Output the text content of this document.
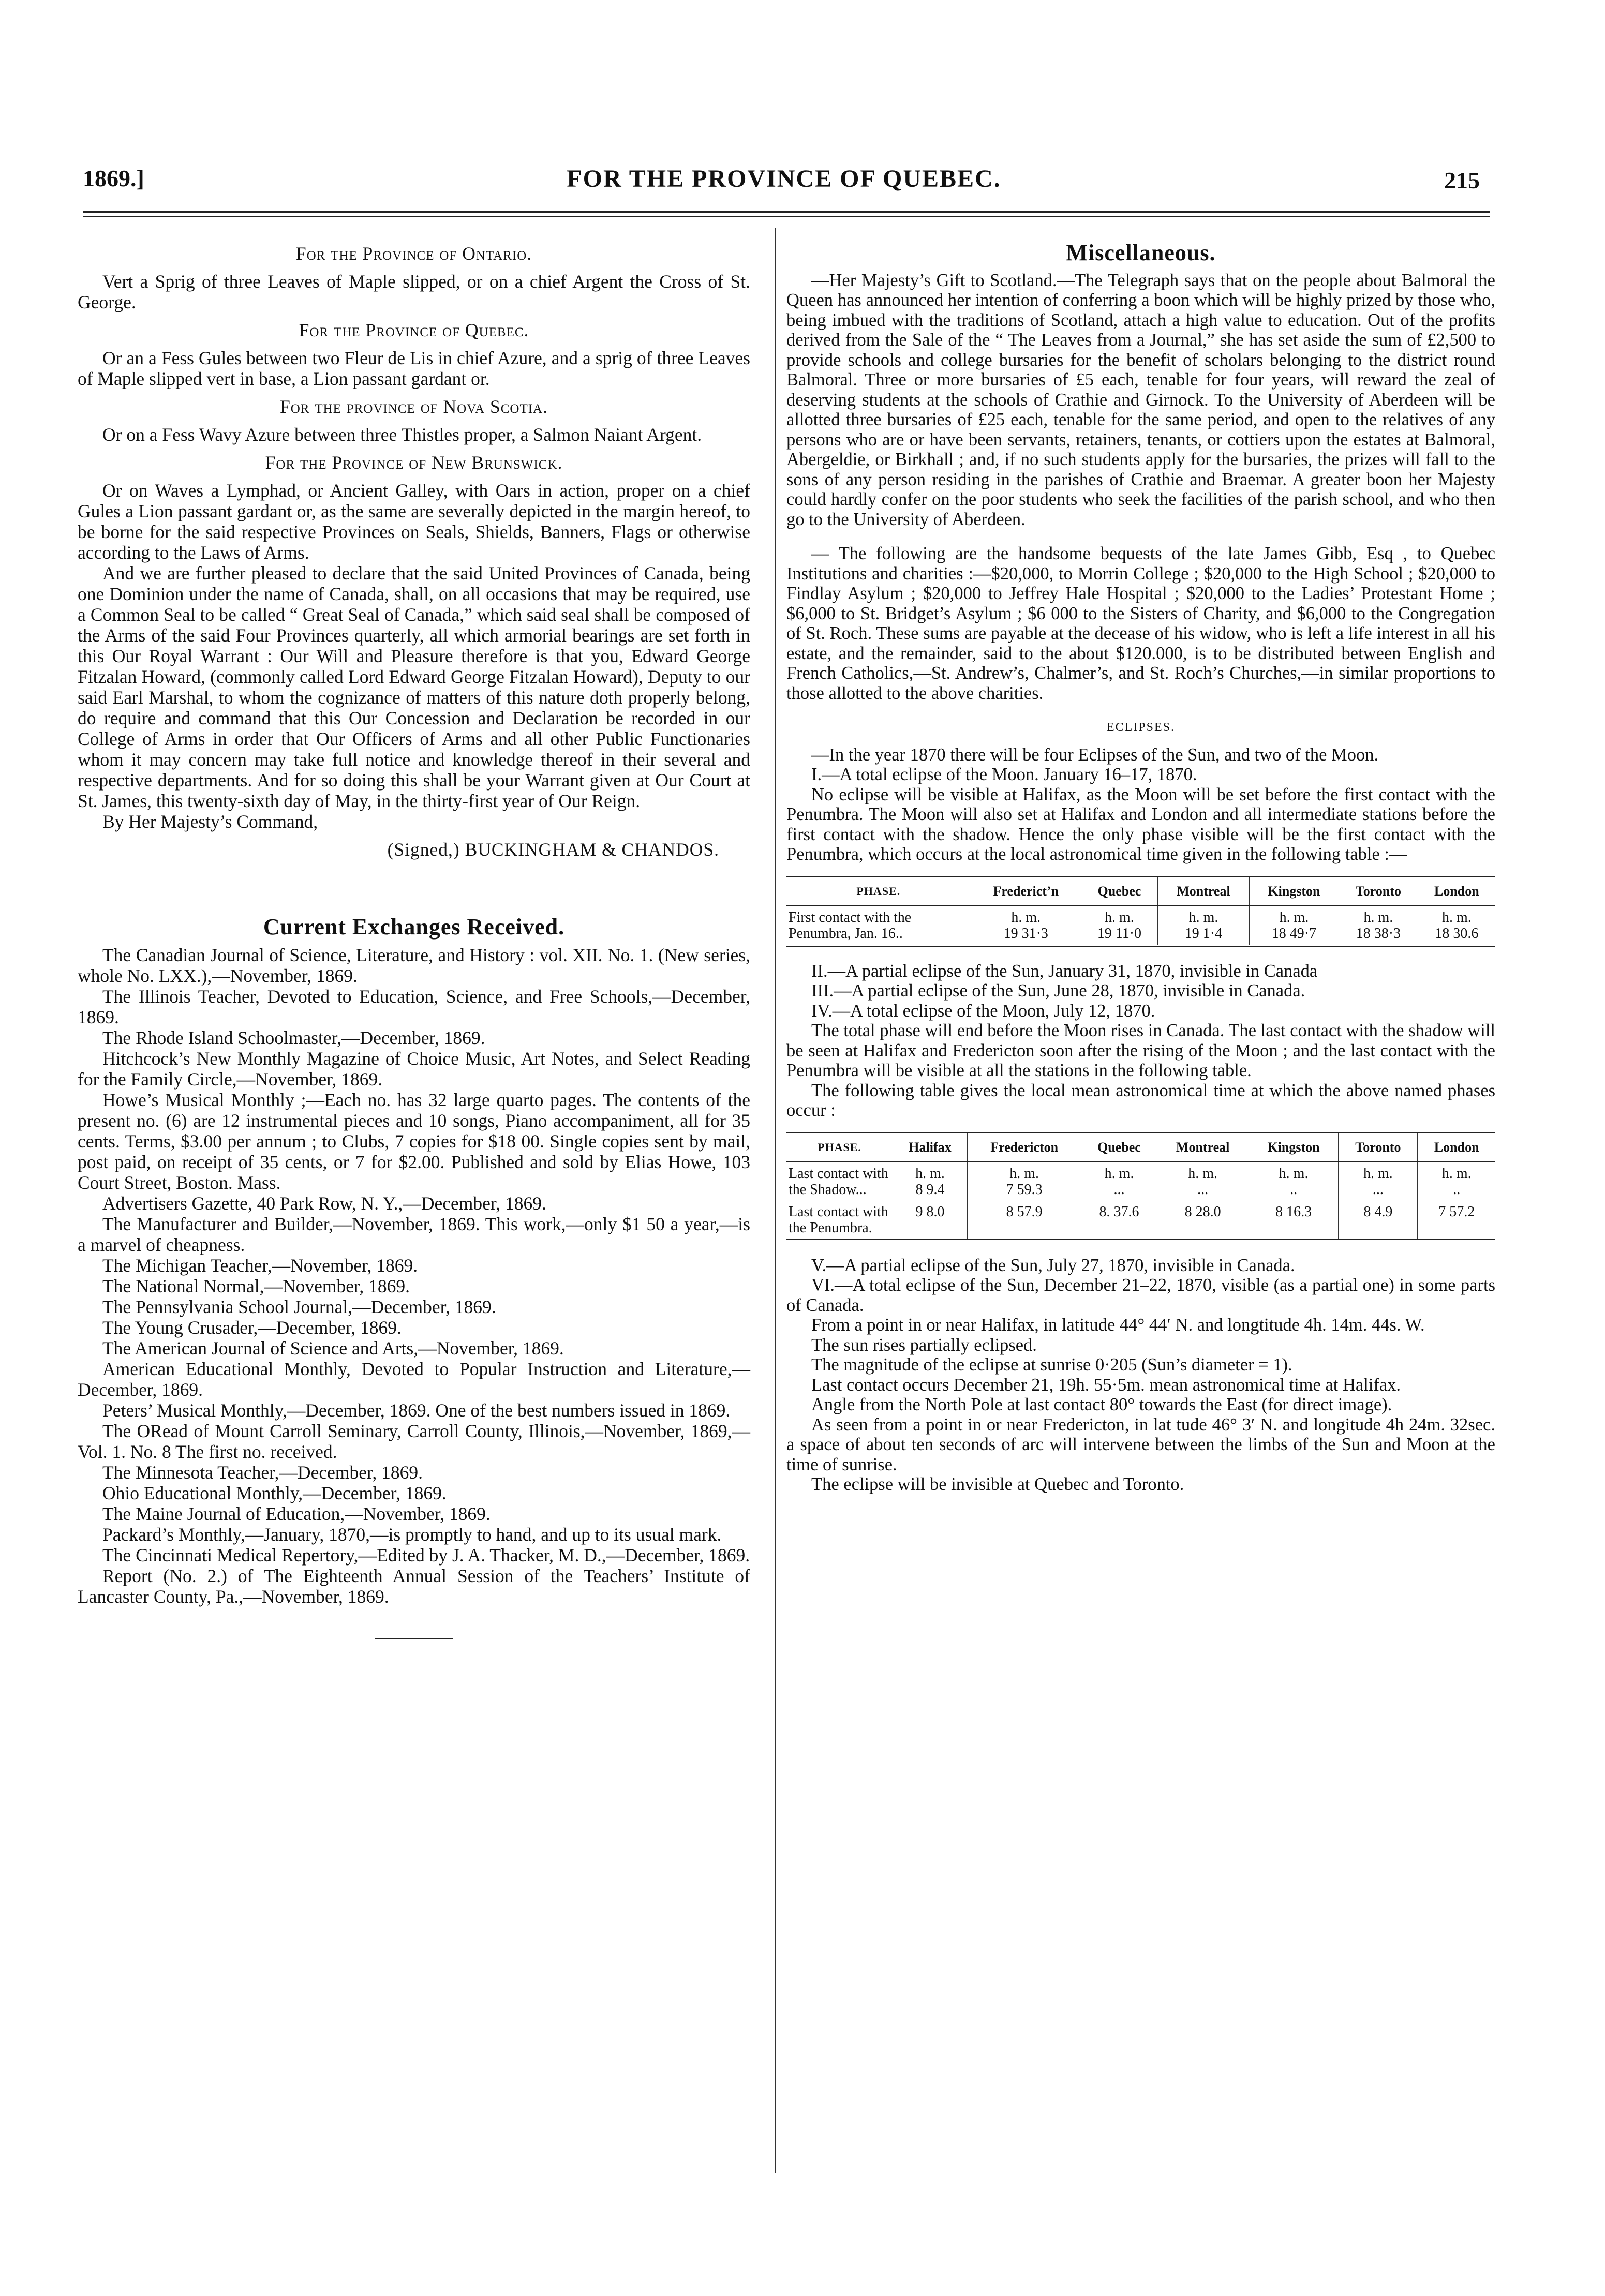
1869.]	FOR THE PROVINCE OF QUEBEC.	215

For the Province of Ontario.

Vert a Sprig of three Leaves of Maple slipped, or on a chief Argent the Cross of St. George.

For the Province of Quebec.

Or an a Fess Gules between two Fleur de Lis in chief Azure, and a sprig of three Leaves of Maple slipped vert in base, a Lion passant gardant or.

For the province of Nova Scotia.

Or on a Fess Wavy Azure between three Thistles proper, a Salmon Naiant Argent.

For the Province of New Brunswick.

Or on Waves a Lymphad, or Ancient Galley, with Oars in action, proper on a chief Gules a Lion passant gardant or, as the same are severally depicted in the margin hereof, to be borne for the said respective Provinces on Seals, Shields, Banners, Flags or otherwise according to the Laws of Arms.

And we are further pleased to declare that the said United Provinces of Canada, being one Dominion under the name of Canada, shall, on all occasions that may be required, use a Common Seal to be called “ Great Seal of Canada,” which said seal shall be composed of the Arms of the said Four Provinces quarterly, all which armorial bearings are set forth in this Our Royal Warrant : Our Will and Pleasure therefore is that you, Edward George Fitzalan Howard, (commonly called Lord Edward George Fitzalan Howard), Deputy to our said Earl Marshal, to whom the cognizance of matters of this nature doth properly belong, do require and command that this Our Concession and Declaration be recorded in our College of Arms in order that Our Officers of Arms and all other Public Functionaries whom it may concern may take full notice and knowledge thereof in their several and respective departments. And for so doing this shall be your Warrant given at Our Court at St. James, this twenty-sixth day of May, in the thirty-first year of Our Reign.

By Her Majesty’s Command,

(Signed,) BUCKINGHAM & CHANDOS.

Current Exchanges Received.

The Canadian Journal of Science, Literature, and History : vol. XII. No. 1. (New series, whole No. LXX.),—November, 1869.

The Illinois Teacher, Devoted to Education, Science, and Free Schools,—December, 1869.

The Rhode Island Schoolmaster,—December, 1869.

Hitchcock’s New Monthly Magazine of Choice Music, Art Notes, and Select Reading for the Family Circle,—November, 1869.

Howe’s Musical Monthly ;—Each no. has 32 large quarto pages. The contents of the present no. (6) are 12 instrumental pieces and 10 songs, Piano accompaniment, all for 35 cents. Terms, $3.00 per annum ; to Clubs, 7 copies for $18 00. Single copies sent by mail, post paid, on receipt of 35 cents, or 7 for $2.00. Published and sold by Elias Howe, 103 Court Street, Boston. Mass.

Advertisers Gazette, 40 Park Row, N. Y.,—December, 1869.

The Manufacturer and Builder,—November, 1869. This work,—only $1 50 a year,—is a marvel of cheapness.

The Michigan Teacher,—November, 1869.

The National Normal,—November, 1869.

The Pennsylvania School Journal,—December, 1869.

The Young Crusader,—December, 1869.

The American Journal of Science and Arts,—November, 1869.

American Educational Monthly, Devoted to Popular Instruction and Literature,—December, 1869.

Peters’ Musical Monthly,—December, 1869. One of the best numbers issued in 1869.

The ORead of Mount Carroll Seminary, Carroll County, Illinois,—November, 1869,—Vol. 1. No. 8 The first no. received.

The Minnesota Teacher,—December, 1869.

Ohio Educational Monthly,—December, 1869.

The Maine Journal of Education,—November, 1869.

Packard’s Monthly,—January, 1870,—is promptly to hand, and up to its usual mark.

The Cincinnati Medical Repertory,—Edited by J. A. Thacker, M. D.,—December, 1869.

Report (No. 2.) of The Eighteenth Annual Session of the Teachers’ Institute of Lancaster County, Pa.,—November, 1869.

Miscellaneous.

—Her Majesty’s Gift to Scotland.—The Telegraph says that on the people about Balmoral the Queen has announced her intention of conferring a boon which will be highly prized by those who, being imbued with the traditions of Scotland, attach a high value to education. Out of the profits derived from the Sale of the “ The Leaves from a Journal,” she has set aside the sum of £2,500 to provide schools and college bursaries for the benefit of scholars belonging to the district round Balmoral. Three or more bursaries of £5 each, tenable for four years, will reward the zeal of deserving students at the schools of Crathie and Girnock. To the University of Aberdeen will be allotted three bursaries of £25 each, tenable for the same period, and open to the relatives of any persons who are or have been servants, retainers, tenants, or cottiers upon the estates at Balmoral, Abergeldie, or Birkhall ; and, if no such students apply for the bursaries, the prizes will fall to the sons of any person residing in the parishes of Crathie and Braemar. A greater boon her Majesty could hardly confer on the poor students who seek the facilities of the parish school, and who then go to the University of Aberdeen.

— The following are the handsome bequests of the late James Gibb, Esq , to Quebec Institutions and charities :—$20,000, to Morrin College ; $20,000 to the High School ; $20,000 to Findlay Asylum ; $20,000 to Jeffrey Hale Hospital ; $20,000 to the Ladies’ Protestant Home ; $6,000 to St. Bridget’s Asylum ; $6 000 to the Sisters of Charity, and $6,000 to the Congregation of St. Roch. These sums are payable at the decease of his widow, who is left a life interest in all his estate, and the remainder, said to the about $120.000, is to be distributed between English and French Catholics,—St. Andrew’s, Chalmer’s, and St. Roch’s Churches,—in similar proportions to those allotted to the above charities.

ECLIPSES.

—In the year 1870 there will be four Eclipses of the Sun, and two of the Moon.

I.—A total eclipse of the Moon. January 16–17, 1870.

No eclipse will be visible at Halifax, as the Moon will be set before the first contact with the Penumbra. The Moon will also set at Halifax and London and all intermediate stations before the first contact with the shadow. Hence the only phase visible will be the first contact with the Penumbra, which occurs at the local astronomical time given in the following table :—

PHASE.	Frederict’n	Quebec	Montreal	Kingston	Toronto	London
First contact with the Penumbra, Jan. 16..	h. m.
19 31·3	h. m.
19 11·0	h. m.
19 1·4	h. m.
18 49·7	h. m.
18 38·3	h. m.
18 30.6

II.—A partial eclipse of the Sun, January 31, 1870, invisible in Canada

III.—A partial eclipse of the Sun, June 28, 1870, invisible in Canada.

IV.—A total eclipse of the Moon, July 12, 1870.

The total phase will end before the Moon rises in Canada. The last contact with the shadow will be seen at Halifax and Fredericton soon after the rising of the Moon ; and the last contact with the Penumbra will be visible at all the stations in the following table.

The following table gives the local mean astronomical time at which the above named phases occur :

PHASE.	Halifax	Fredericton	Quebec	Montreal	Kingston	Toronto	London
Last contact with the Shadow...	h. m.
8 9.4	h. m.
7 59.3	h. m.
...	h. m.
...	h. m.
..	h. m.
...	h. m.
..
Last contact with the Penumbra.	9 8.0	8 57.9	8. 37.6	8 28.0	8 16.3	8 4.9	7 57.2

V.—A partial eclipse of the Sun, July 27, 1870, invisible in Canada.

VI.—A total eclipse of the Sun, December 21–22, 1870, visible (as a partial one) in some parts of Canada.

From a point in or near Halifax, in latitude 44° 44′ N. and longtitude 4h. 14m. 44s. W.

The sun rises partially eclipsed.

The magnitude of the eclipse at sunrise 0·205 (Sun’s diameter = 1).

Last contact occurs December 21, 19h. 55·5m. mean astronomical time at Halifax.

Angle from the North Pole at last contact 80° towards the East (for direct image).

As seen from a point in or near Fredericton, in lat tude 46° 3′ N. and longitude 4h 24m. 32sec. a space of about ten seconds of arc will intervene between the limbs of the Sun and Moon at the time of sunrise.

The eclipse will be invisible at Quebec and Toronto.
